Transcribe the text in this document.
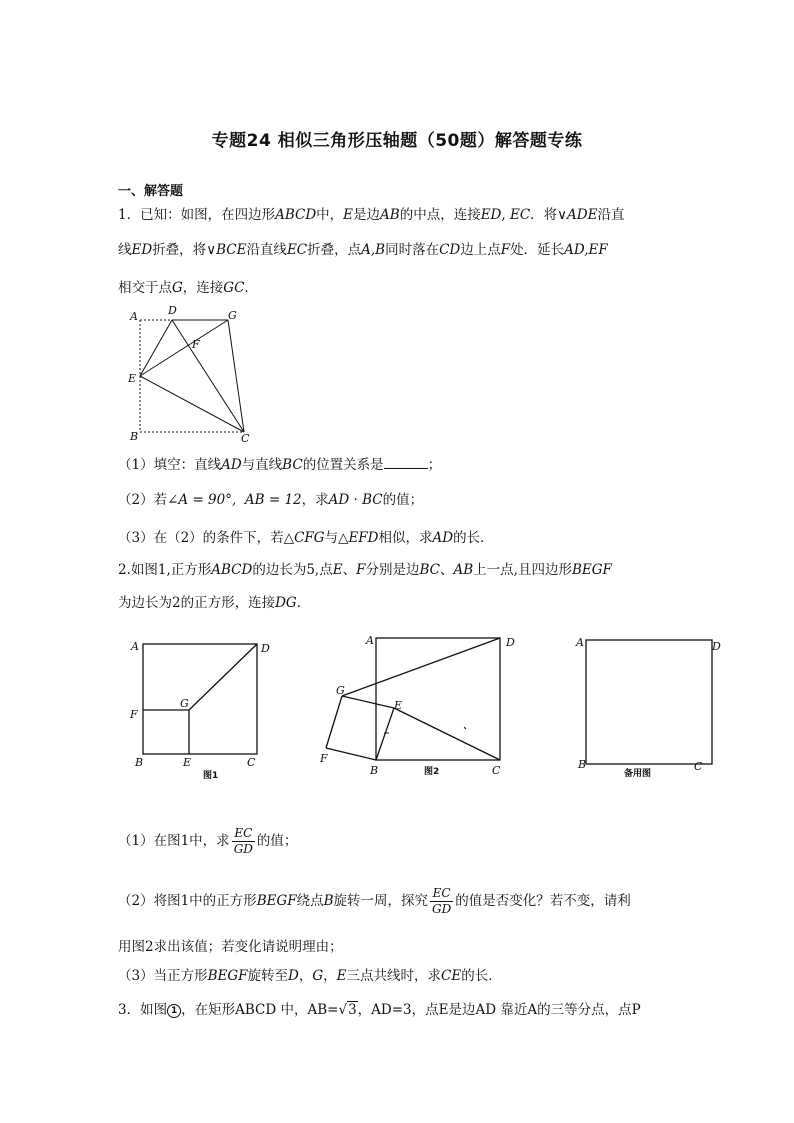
专题24 相似三角形压轴题（50题）解答题专练
一、解答题
1．已知：如图，在四边形ABCD中，E是边AB的中点，连接ED, EC．将∨ADE沿直
线ED折叠，将∨BCE沿直线EC折叠，点A,B同时落在CD边上点F处．延长AD,EF
相交于点G，连接GC．
A	D	G
F
E
B	C
（1）填空：直线AD与直线BC的位置关系是	；
（2）若∠A = 90°, AB = 12，求AD · BC的值；
（3）在（2）的条件下，若△CFG与△EFD相似，求AD的长．
2.如图1,正方形ABCD的边长为5,点E、F分别是边BC、AB上一点,且四边形BEGF
为边长为2的正方形，连接DG．
A	D
F
G
B	E	C
图1
A	D
G
E
F
B	图2	C
A	D
B
备用图
C
（1）在图1中，求 $\frac{EC}{GD}$ 的值；
（2）将图1中的正方形BEGF绕点B旋转一周，探究 $\frac{EC}{GD}$ 的值是否变化？若不变，请利
用图2求出该值；若变化请说明理由；
（3）当正方形BEGF旋转至D，G，E三点共线时，求CE的长．
3．如图 1 ，在矩形ABCD 中，AB=√3，AD=3，点E是边AD 靠近A的三等分点，点P
